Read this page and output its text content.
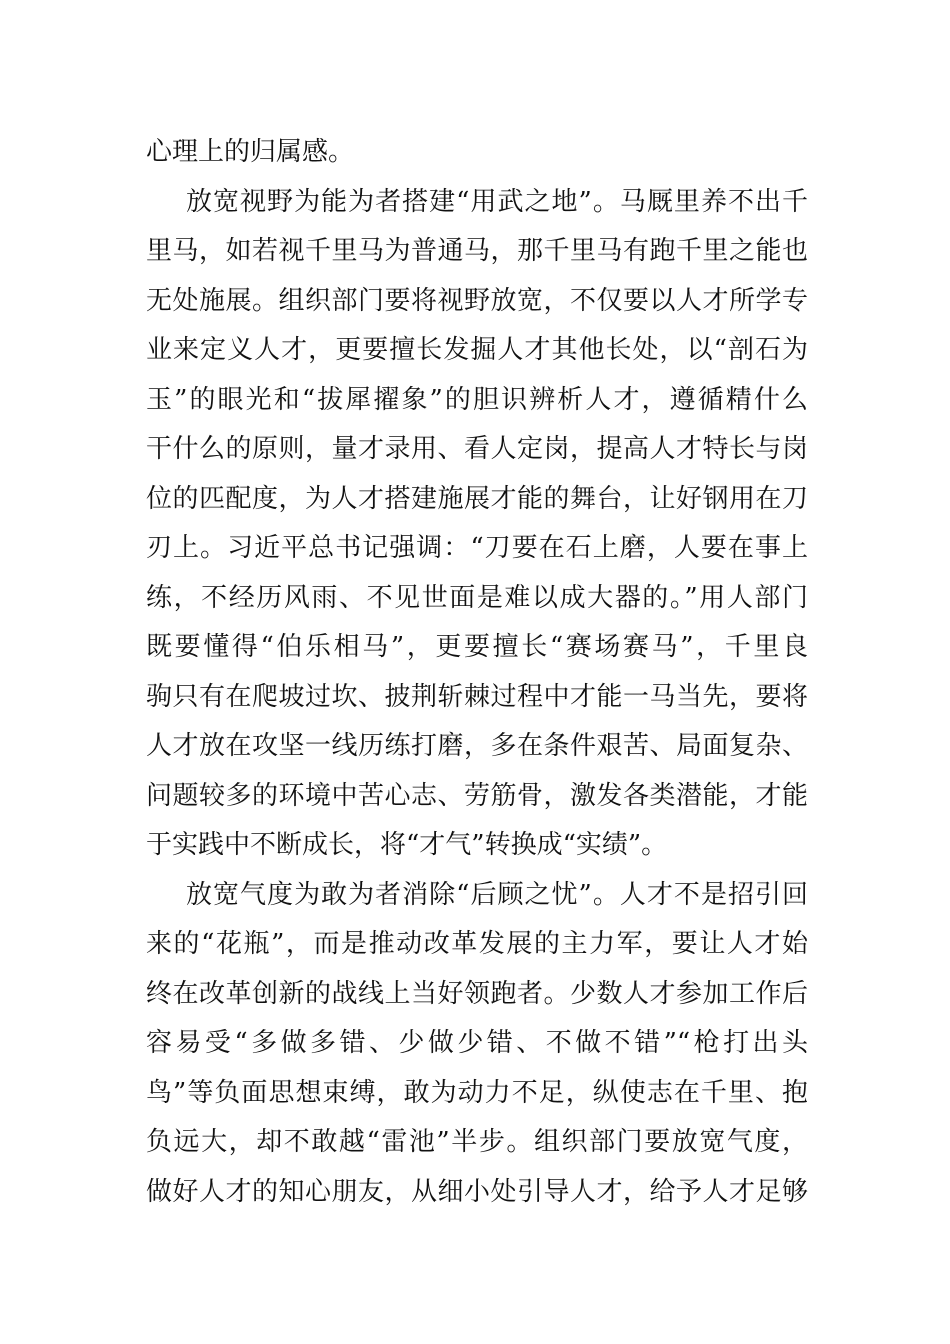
心理上的归属感。
放宽视野为能为者搭建“用武之地”。马厩里养不出千
里马，如若视千里马为普通马，那千里马有跑千里之能也
无处施展。组织部门要将视野放宽，不仅要以人才所学专
业来定义人才，更要擅长发掘人才其他长处，以“剖石为
玉”的眼光和“拔犀擢象”的胆识辨析人才，遵循精什么
干什么的原则，量才录用、看人定岗，提高人才特长与岗
位的匹配度，为人才搭建施展才能的舞台，让好钢用在刀
刃上。习近平总书记强调：“刀要在石上磨，人要在事上
练，不经历风雨、不见世面是难以成大器的。”用人部门
既要懂得“伯乐相马”，更要擅长“赛场赛马”，千里良
驹只有在爬坡过坎、披荆斩棘过程中才能一马当先，要将
人才放在攻坚一线历练打磨，多在条件艰苦、局面复杂、
问题较多的环境中苦心志、劳筋骨，激发各类潜能，才能
于实践中不断成长，将“才气”转换成“实绩”。
放宽气度为敢为者消除“后顾之忧”。人才不是招引回
来的“花瓶”，而是推动改革发展的主力军，要让人才始
终在改革创新的战线上当好领跑者。少数人才参加工作后
容易受“多做多错、少做少错、不做不错”“枪打出头
鸟”等负面思想束缚，敢为动力不足，纵使志在千里、抱
负远大，却不敢越“雷池”半步。组织部门要放宽气度，
做好人才的知心朋友，从细小处引导人才，给予人才足够
